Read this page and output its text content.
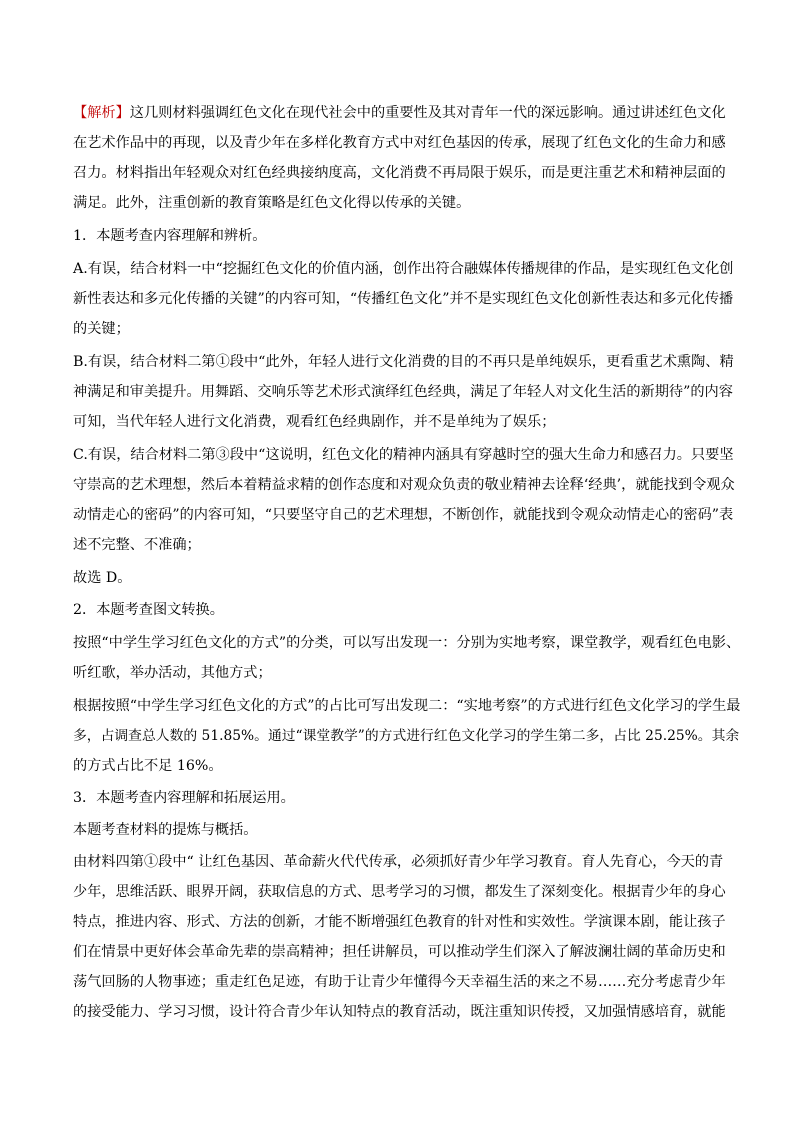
【解析】这几则材料强调红色文化在现代社会中的重要性及其对青年一代的深远影响。通过讲述红色文化
在艺术作品中的再现，以及青少年在多样化教育方式中对红色基因的传承，展现了红色文化的生命力和感
召力。材料指出年轻观众对红色经典接纳度高，文化消费不再局限于娱乐，而是更注重艺术和精神层面的
满足。此外，注重创新的教育策略是红色文化得以传承的关键。
1．本题考查内容理解和辨析。
A.有误，结合材料一中“挖掘红色文化的价值内涵，创作出符合融媒体传播规律的作品，是实现红色文化创
新性表达和多元化传播的关键”的内容可知，“传播红色文化”并不是实现红色文化创新性表达和多元化传播
的关键；
B.有误，结合材料二第①段中“此外，年轻人进行文化消费的目的不再只是单纯娱乐，更看重艺术熏陶、精
神满足和审美提升。用舞蹈、交响乐等艺术形式演绎红色经典，满足了年轻人对文化生活的新期待”的内容
可知，当代年轻人进行文化消费，观看红色经典剧作，并不是单纯为了娱乐；
C.有误，结合材料二第③段中“这说明，红色文化的精神内涵具有穿越时空的强大生命力和感召力。只要坚
守崇高的艺术理想，然后本着精益求精的创作态度和对观众负责的敬业精神去诠释‘经典’，就能找到令观众
动情走心的密码”的内容可知，“只要坚守自己的艺术理想，不断创作，就能找到令观众动情走心的密码”表
述不完整、不准确；
故选 D。
2．本题考查图文转换。
按照“中学生学习红色文化的方式”的分类，可以写出发现一：分别为实地考察，课堂教学，观看红色电影、
听红歌，举办活动，其他方式；
根据按照“中学生学习红色文化的方式”的占比可写出发现二：“实地考察”的方式进行红色文化学习的学生最
多，占调查总人数的 51.85%。通过“课堂教学”的方式进行红色文化学习的学生第二多，占比 25.25%。其余
的方式占比不足 16%。
3．本题考查内容理解和拓展运用。
本题考查材料的提炼与概括。
由材料四第①段中“ 让红色基因、革命薪火代代传承，必须抓好青少年学习教育。育人先育心，今天的青
少年，思维活跃、眼界开阔，获取信息的方式、思考学习的习惯，都发生了深刻变化。根据青少年的身心
特点，推进内容、形式、方法的创新，才能不断增强红色教育的针对性和实效性。学演课本剧，能让孩子
们在情景中更好体会革命先辈的崇高精神；担任讲解员，可以推动学生们深入了解波澜壮阔的革命历史和
荡气回肠的人物事迹；重走红色足迹，有助于让青少年懂得今天幸福生活的来之不易……充分考虑青少年
的接受能力、学习习惯，设计符合青少年认知特点的教育活动，既注重知识传授，又加强情感培育，就能
